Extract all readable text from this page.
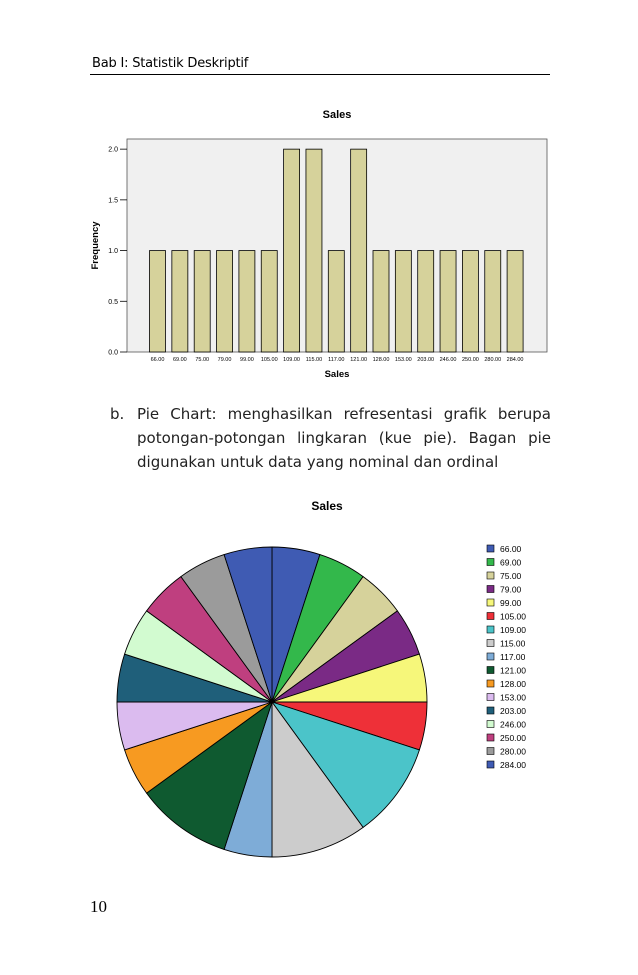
Bab I: Statistik Deskriptif
Sales
0.0
0.5
1.0
1.5
2.0
66.00 69.00 75.00 79.00 99.00 105.00 109.00 115.00 117.00 121.00 128.00 153.00 203.00 246.00 250.00 280.00 284.00
Sales
Frequency
b. Pie Chart: menghasilkan refresentasi grafik berupa potongan-potongan lingkaran (kue pie). Bagan pie digunakan untuk data yang nominal dan ordinal
Sales
66.00
69.00
75.00
79.00
99.00
105.00
109.00
115.00
117.00
121.00
128.00
153.00
203.00
246.00
250.00
280.00
284.00
10
